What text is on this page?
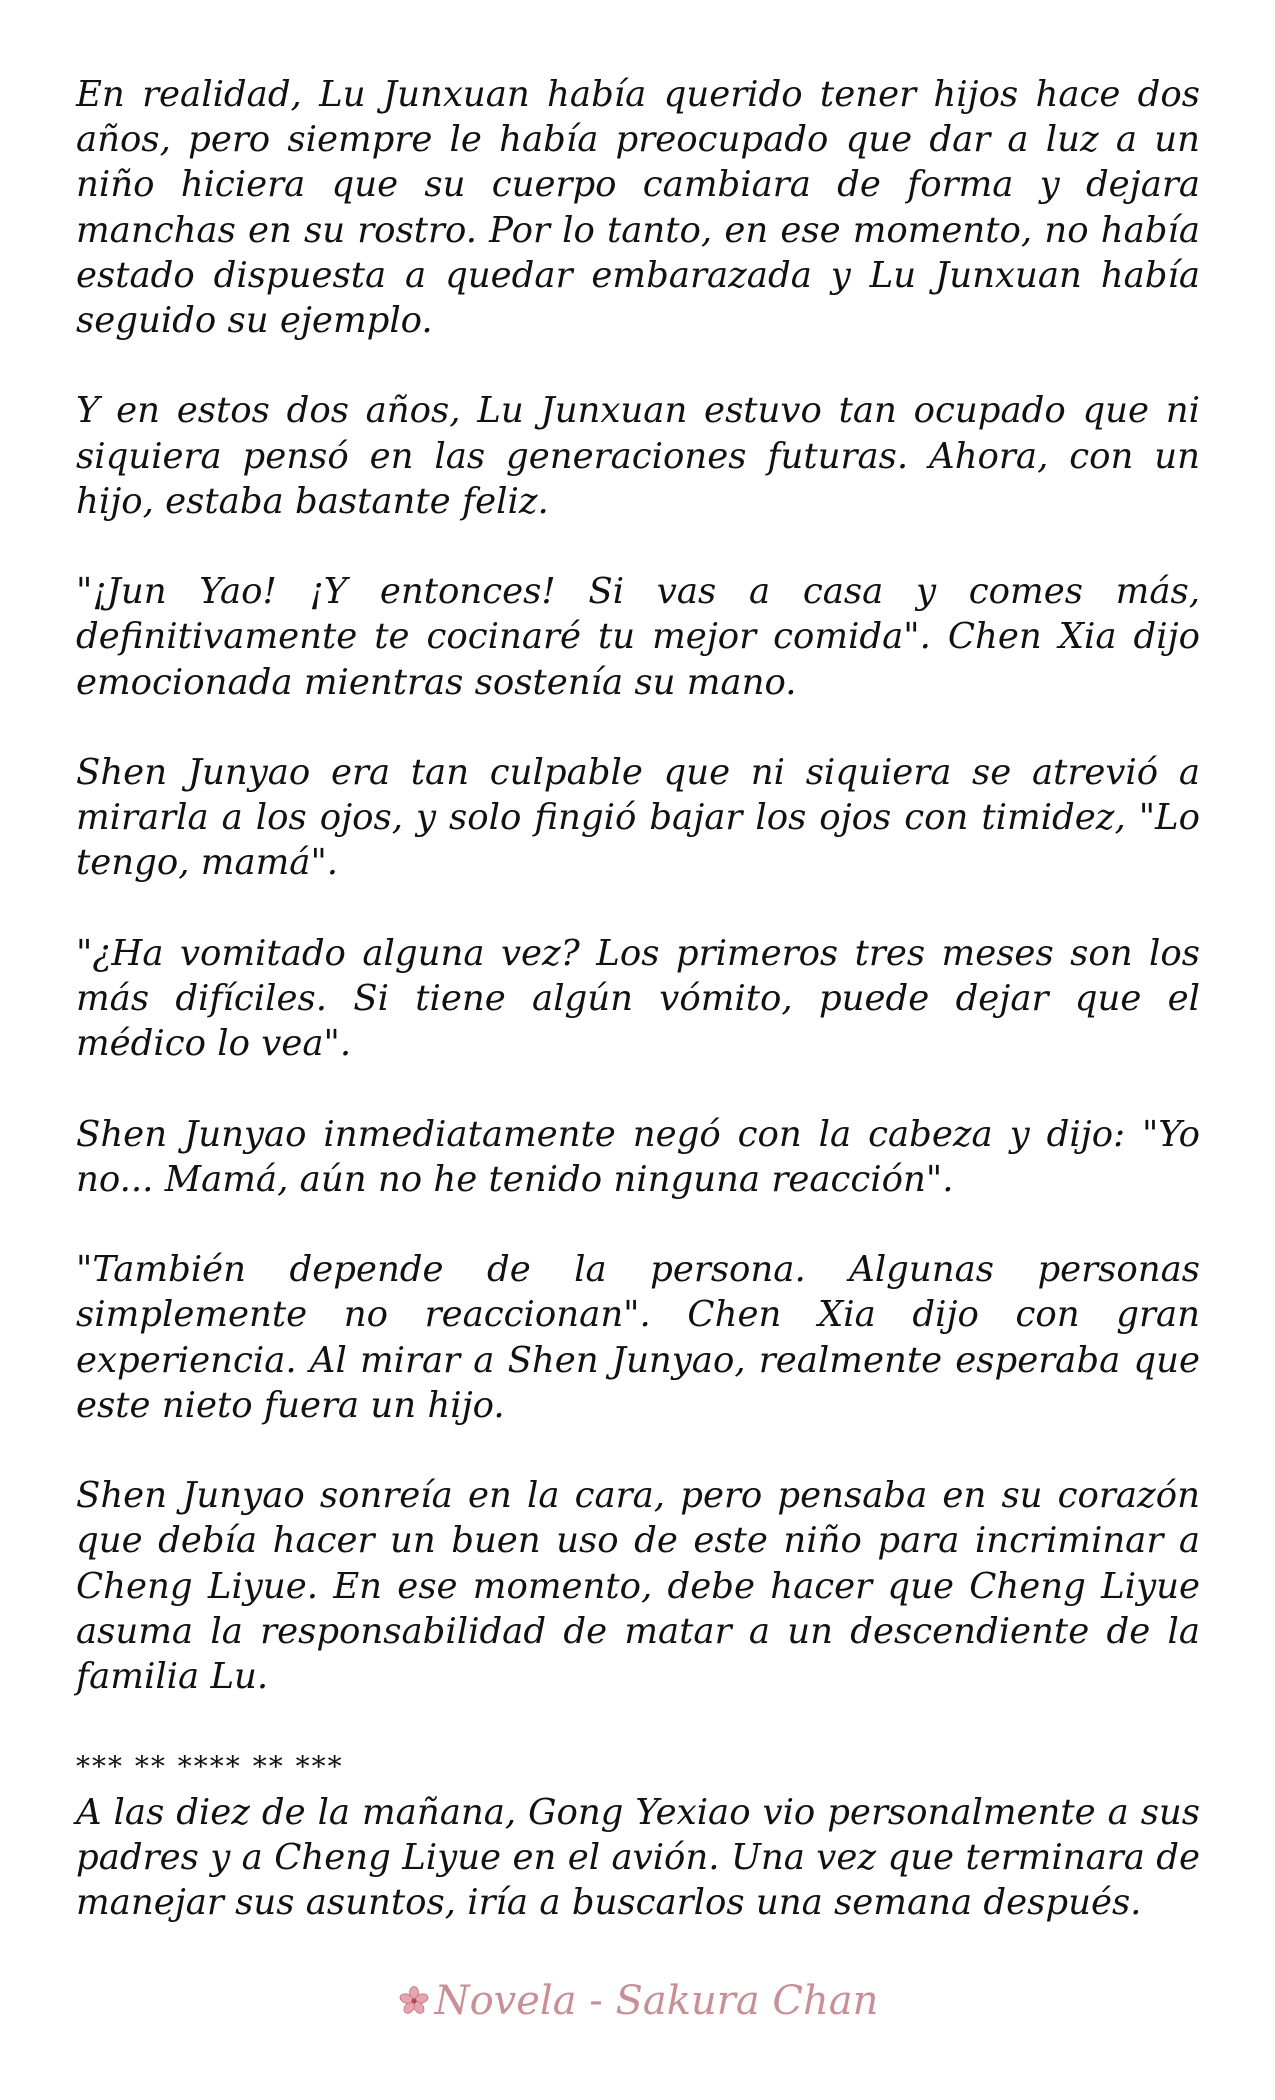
En realidad, Lu Junxuan había querido tener hijos hace dos años, pero siempre le había preocupado que dar a luz a un niño hiciera que su cuerpo cambiara de forma y dejara manchas en su rostro. Por lo tanto, en ese momento, no había estado dispuesta a quedar embarazada y Lu Junxuan había seguido su ejemplo.

Y en estos dos años, Lu Junxuan estuvo tan ocupado que ni siquiera pensó en las generaciones futuras. Ahora, con un hijo, estaba bastante feliz.

"¡Jun Yao! ¡Y entonces! Si vas a casa y comes más, definitivamente te cocinaré tu mejor comida". Chen Xia dijo emocionada mientras sostenía su mano.

Shen Junyao era tan culpable que ni siquiera se atrevió a mirarla a los ojos, y solo fingió bajar los ojos con timidez, "Lo tengo, mamá".

"¿Ha vomitado alguna vez? Los primeros tres meses son los más difíciles. Si tiene algún vómito, puede dejar que el médico lo vea".

Shen Junyao inmediatamente negó con la cabeza y dijo: "Yo no... Mamá, aún no he tenido ninguna reacción".

"También depende de la persona. Algunas personas simplemente no reaccionan". Chen Xia dijo con gran experiencia. Al mirar a Shen Junyao, realmente esperaba que este nieto fuera un hijo.

Shen Junyao sonreía en la cara, pero pensaba en su corazón que debía hacer un buen uso de este niño para incriminar a Cheng Liyue. En ese momento, debe hacer que Cheng Liyue asuma la responsabilidad de matar a un descendiente de la familia Lu.

*** ** **** ** ***

A las diez de la mañana, Gong Yexiao vio personalmente a sus padres y a Cheng Liyue en el avión. Una vez que terminara de manejar sus asuntos, iría a buscarlos una semana después.

Novela - Sakura Chan
